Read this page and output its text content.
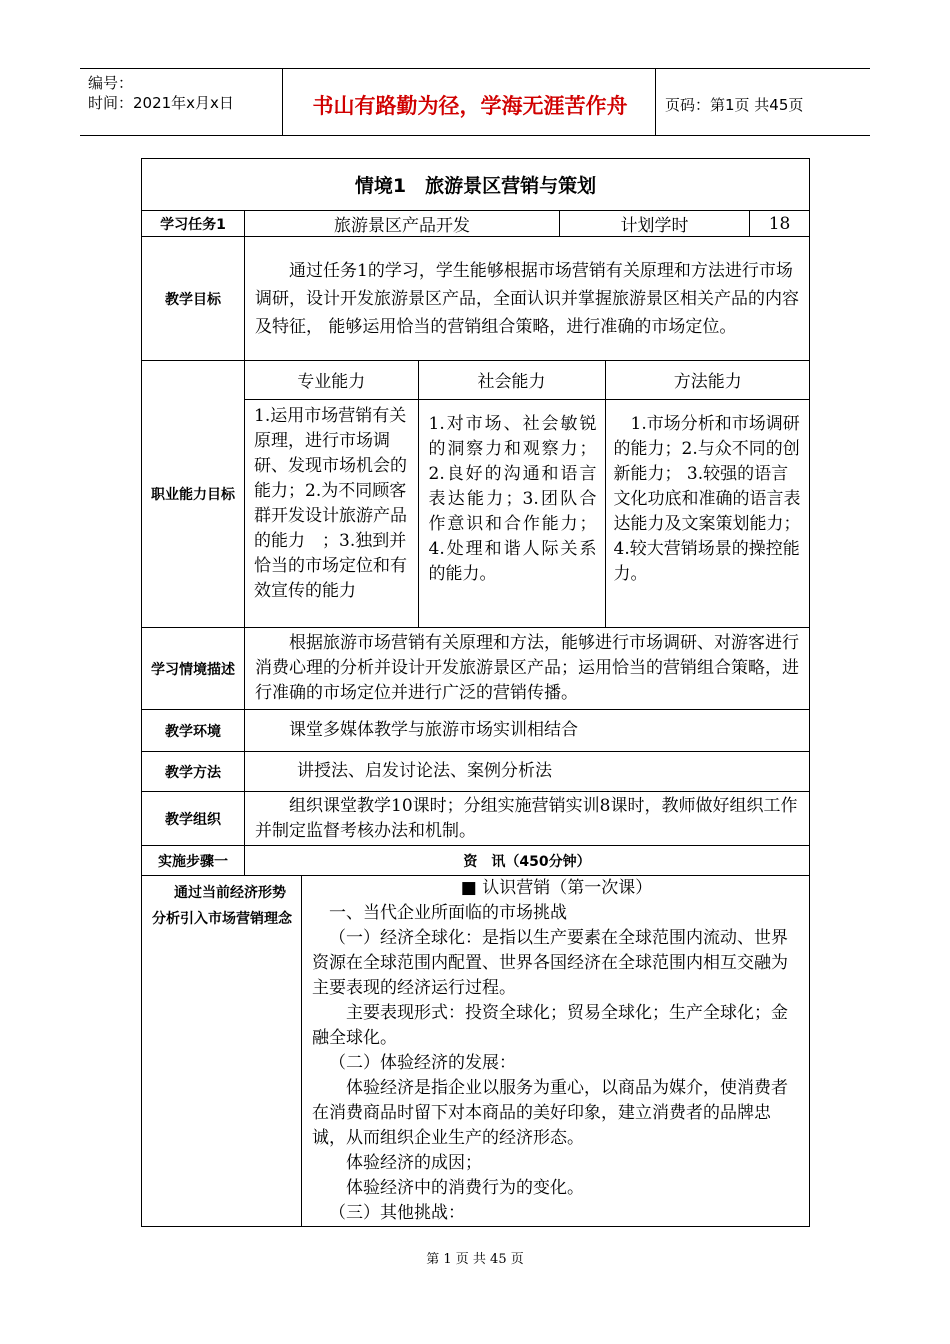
编号：
时间：2021年x月x日	书山有路勤为径，学海无涯苦作舟	页码：第1页 共45页
情境1　旅游景区营销与策划
学习任务1	旅游景区产品开发	计划学时	18
教学目标	
通过任务1的学习，学生能够根据市场营销有关原理和方法进行市场调研，设计开发旅游景区产品，全面认识并掌握旅游景区相关产品的内容及特征， 能够运用恰当的营销组合策略，进行准确的市场定位。

职业能力目标	
专业能力	社会能力	方法能力
1.运用市场营销有关原理，进行市场调研、发现市场机会的能力；2.为不同顾客群开发设计旅游产品的能力　；3.独到并恰当的市场定位和有效宣传的能力	1.对市场、社会敏锐的洞察力和观察力；2.良好的沟通和语言表达能力；3.团队合作意识和合作能力；4.处理和谐人际关系的能力。	　1.市场分析和市场调研的能力；2.与众不同的创新能力； 3.较强的语言文化功底和准确的语言表达能力及文案策划能力；4.较大营销场景的操控能力。

学习情境描述	
根据旅游市场营销有关原理和方法，能够进行市场调研、对游客进行消费心理的分析并设计开发旅游景区产品；运用恰当的营销组合策略，进行准确的市场定位并进行广泛的营销传播。

教学环境	课堂多媒体教学与旅游市场实训相结合

教学方法	讲授法、启发讨论法、案例分析法

教学组织	
组织课堂教学10课时；分组实施营销实训8课时，教师做好组织工作并制定监督考核办法和机制。

实施步骤一	资　讯（450分钟）

通过当前经济形势分析引入市场营销理念

■ 认识营销（第一次课）
一、当代企业所面临的市场挑战
（一）经济全球化：是指以生产要素在全球范围内流动、世界资源在全球范围内配置、世界各国经济在全球范围内相互交融为主要表现的经济运行过程。
主要表现形式：投资全球化；贸易全球化；生产全球化；金融全球化。
（二）体验经济的发展：
体验经济是指企业以服务为重心，以商品为媒介，使消费者在消费商品时留下对本商品的美好印象，建立消费者的品牌忠诚，从而组织企业生产的经济形态。
体验经济的成因；
体验经济中的消费行为的变化。
（三）其他挑战：
第 1 页 共 45 页
